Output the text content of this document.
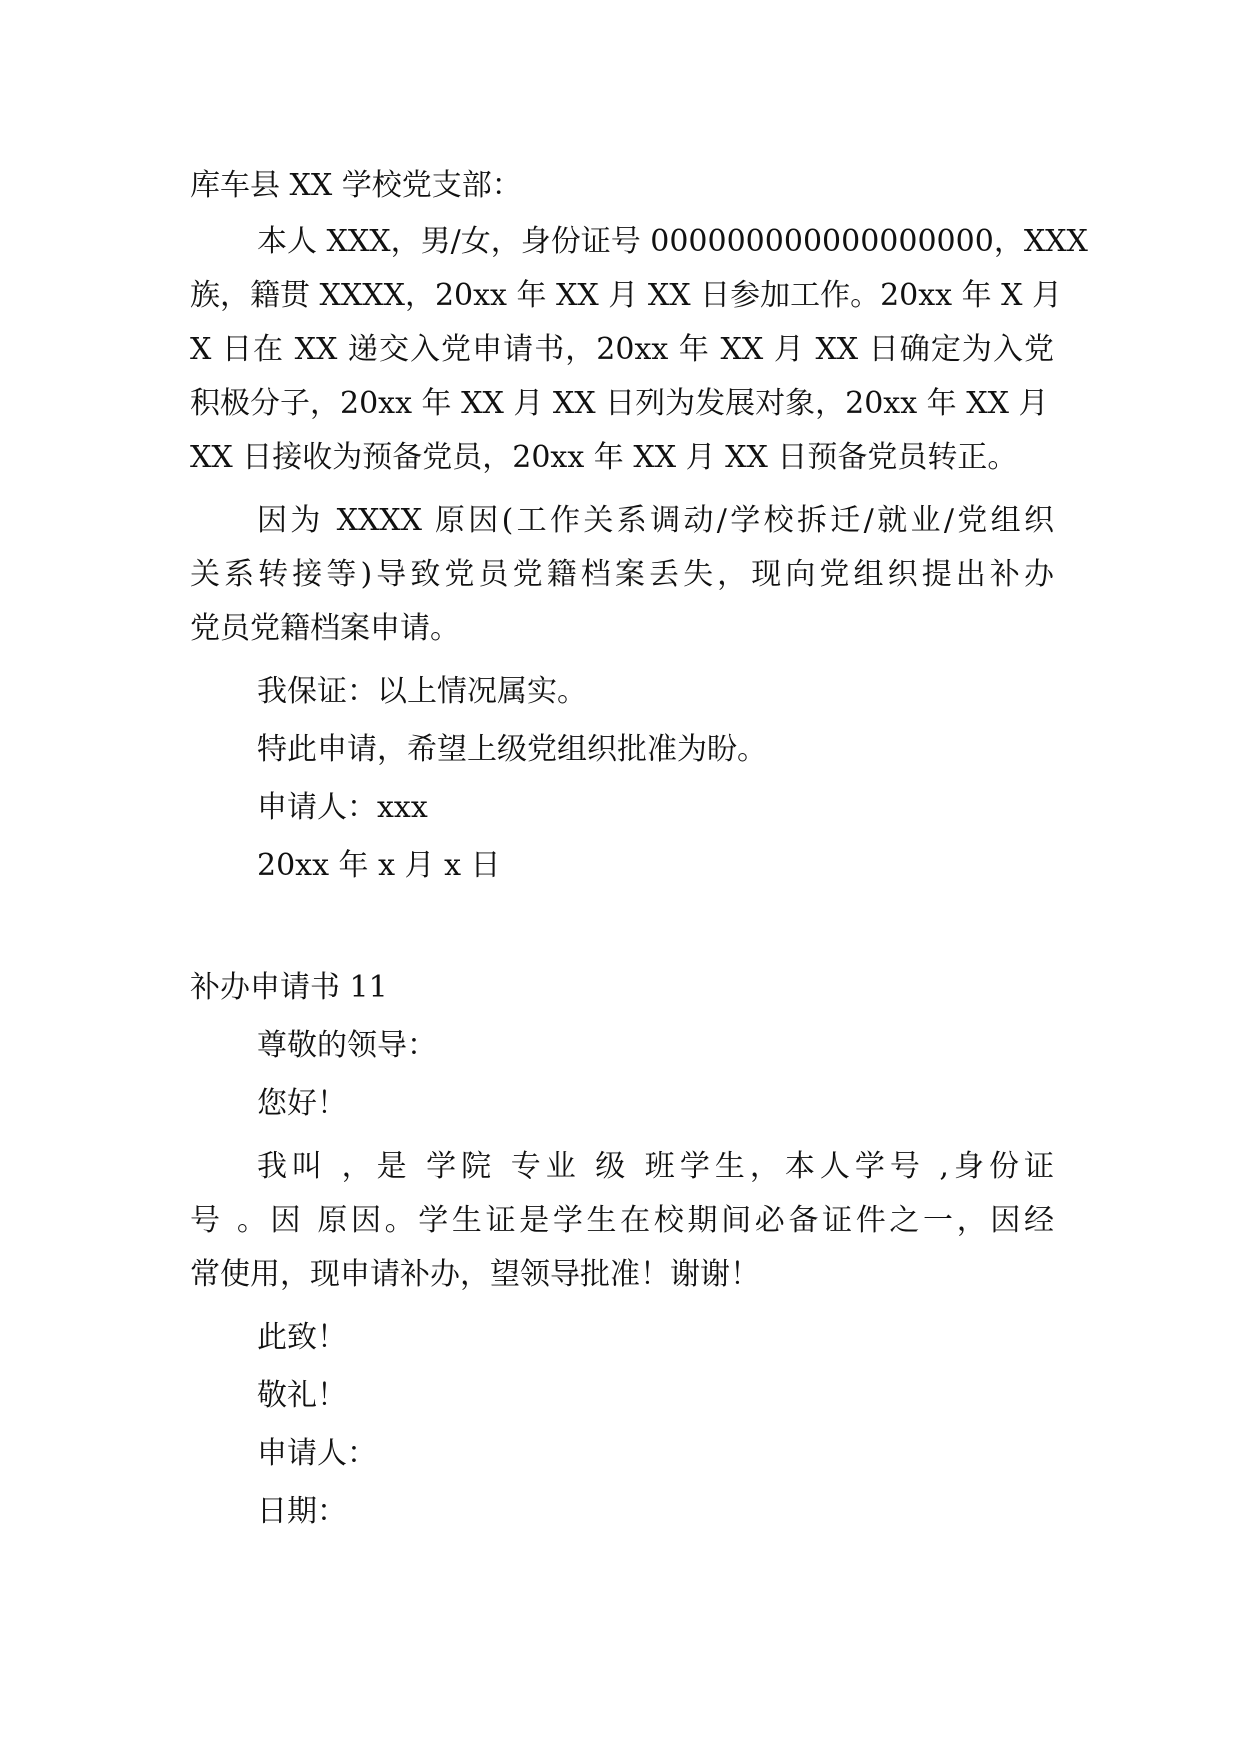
库车县 XX 学校党支部：
本人 XXX，男/女，身份证号 000000000000000000，XXX
族，籍贯 XXXX，20xx 年 XX 月 XX 日参加工作。20xx 年 X 月
X 日在 XX 递交入党申请书，20xx 年 XX 月 XX 日确定为入党
积极分子，20xx 年 XX 月 XX 日列为发展对象，20xx 年 XX 月
XX 日接收为预备党员，20xx 年 XX 月 XX 日预备党员转正。
因为 XXXX 原因(工作关系调动/学校拆迁/就业/党组织
关系转接等)导致党员党籍档案丢失，现向党组织提出补办
党员党籍档案申请。
我保证：以上情况属实。
特此申请，希望上级党组织批准为盼。
申请人：xxx
20xx 年 x 月 x 日
补办申请书 11
尊敬的领导：
您好！
我叫 ，是 学院 专业 级 班学生，本人学号 ,身份证
号 。因 原因。学生证是学生在校期间必备证件之一，因经
常使用，现申请补办，望领导批准！谢谢！
此致！
敬礼！
申请人：
日期：
